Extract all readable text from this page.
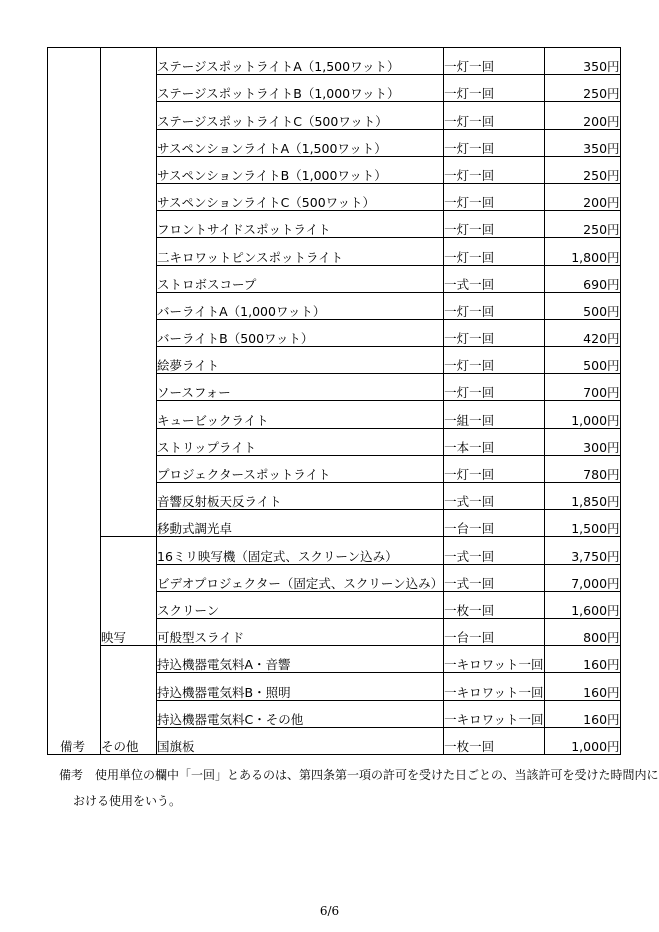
備考		ステージスポットライトA（1,500ワット）	一灯一回	350円
		ステージスポットライトB（1,000ワット）	一灯一回	250円
		ステージスポットライトC（500ワット）	一灯一回	200円
		サスペンションライトA（1,500ワット）	一灯一回	350円
		サスペンションライトB（1,000ワット）	一灯一回	250円
		サスペンションライトC（500ワット）	一灯一回	200円
		フロントサイドスポットライト	一灯一回	250円
		二キロワットピンスポットライト	一灯一回	1,800円
		ストロボスコープ	一式一回	690円
		バーライトA（1,000ワット）	一灯一回	500円
		バーライトB（500ワット）	一灯一回	420円
		絵夢ライト	一灯一回	500円
		ソースフォー	一灯一回	700円
		キュービックライト	一組一回	1,000円
		ストリップライト	一本一回	300円
		プロジェクタースポットライト	一灯一回	780円
		音響反射板天反ライト	一式一回	1,850円
		移動式調光卓	一台一回	1,500円

	映写	16ミリ映写機（固定式、スクリーン込み）	一式一回	3,750円
		ビデオプロジェクター（固定式、スクリーン込み）	一式一回	7,000円
		スクリーン	一枚一回	1,600円
		可般型スライド	一台一回	800円

	その他	持込機器電気料A・音響	一キロワット一回	160円
		持込機器電気料B・照明	一キロワット一回	160円
		持込機器電気料C・その他	一キロワット一回	160円
		国旗板	一枚一回	1,000円
備考　使用単位の欄中「一回」とあるのは、第四条第一項の許可を受けた日ごとの、当該許可を受けた時間内に
おける使用をいう。
6/6
